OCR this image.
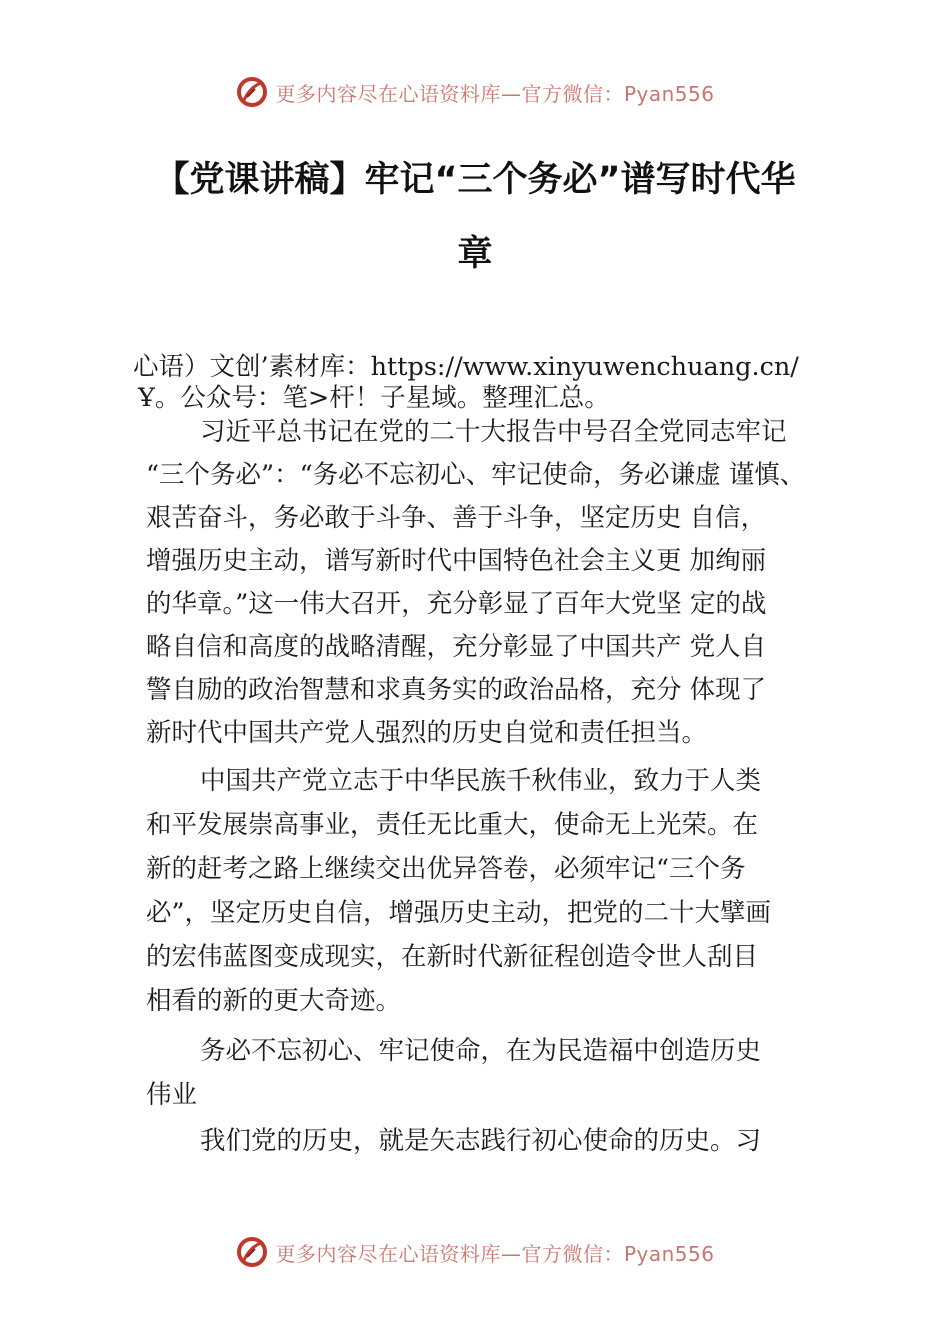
更多内容尽在心语资料库—官方微信：Pyan556
【党课讲稿】牢记“三个务必”谱写时代华
章
心语）文创’素材库：https://www.xinyuwenchuang.cn/
Ұ。公众号：笔>杆！子星域。整理汇总。
习近平总书记在党的二十大报告中号召全党同志牢记
“三个务必”：“务必不忘初心、牢记使命，务必谦虚 谨慎、
艰苦奋斗，务必敢于斗争、善于斗争，坚定历史 自信，
增强历史主动，谱写新时代中国特色社会主义更 加绚丽
的华章。”这一伟大召开，充分彰显了百年大党坚 定的战
略自信和高度的战略清醒，充分彰显了中国共产 党人自
警自励的政治智慧和求真务实的政治品格，充分 体现了
新时代中国共产党人强烈的历史自觉和责任担当。
中国共产党立志于中华民族千秋伟业，致力于人类
和平发展崇高事业，责任无比重大，使命无上光荣。在
新的赶考之路上继续交出优异答卷，必须牢记“三个务
必”，坚定历史自信，增强历史主动，把党的二十大擘画
的宏伟蓝图变成现实，在新时代新征程创造令世人刮目
相看的新的更大奇迹。
务必不忘初心、牢记使命，在为民造福中创造历史
伟业
我们党的历史，就是矢志践行初心使命的历史。习
更多内容尽在心语资料库—官方微信：Pyan556
